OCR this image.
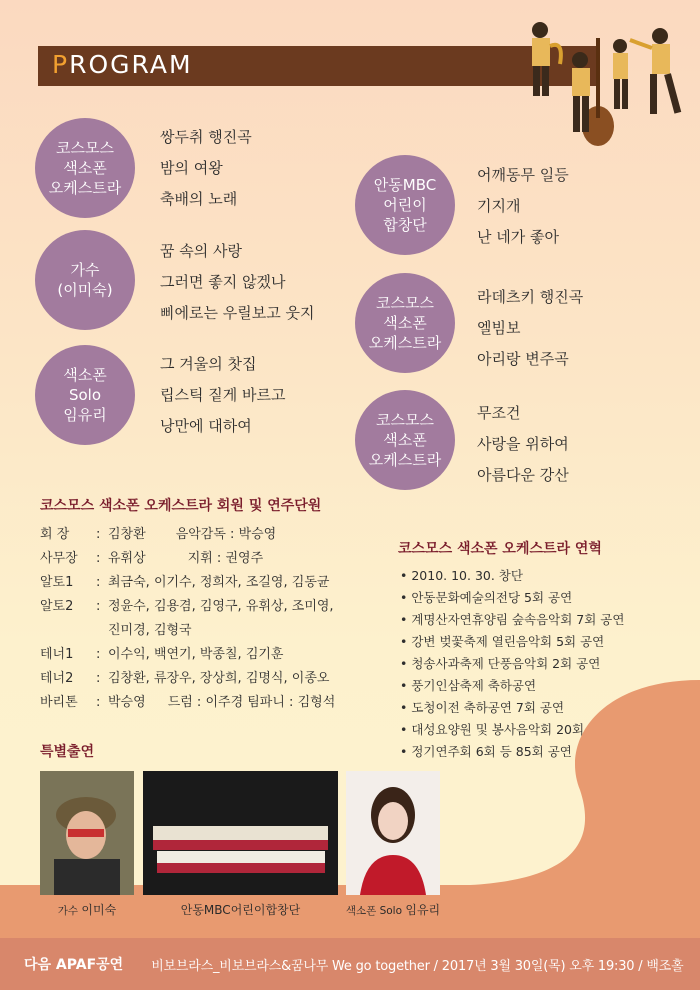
PROGRAM
코스모스
색소폰
오케스트라
쌍두취 행진곡
밤의 여왕
축배의 노래
가수
(이미숙)
꿈 속의 사랑
그러면 좋지 않겠나
삐에로는 우릴보고 웃지
색소폰
Solo
임유리
그 겨울의 찻집
립스틱 짙게 바르고
낭만에 대하여
안동MBC
어린이
합창단
어깨동무 일등
기지개
난 네가 좋아
코스모스
색소폰
오케스트라
라데츠키 행진곡
엘빔보
아리랑 변주곡
코스모스
색소폰
오케스트라
무조건
사랑을 위하여
아름다운 강산
코스모스 색소폰 오케스트라 회원 및 연주단원
회 장 : 김창환 음악감독 : 박승영
사무장 : 유휘상	지휘 : 권영주
알토1 : 최금숙, 이기수, 정희자, 조길영, 김동균
알토2 : 정윤수, 김용겸, 김영구, 유휘상, 조미영,
진미경, 김형국
테너1 : 이수익, 백연기, 박종칠, 김기훈
테너2 : 김창환, 류장우, 장상희, 김명식, 이종오
바리톤 : 박승영 드럼 : 이주경 팀파니 : 김형석
코스모스 색소폰 오케스트라 연혁
• 2010. 10. 30. 창단
• 안동문화예술의전당 5회 공연
• 계명산자연휴양림 숲속음악회 7회 공연
• 강변 벚꽃축제 열린음악회 5회 공연
• 청송사과축제 단풍음악회 2회 공연
• 풍기인삼축제 축하공연
• 도청이전 축하공연 7회 공연
• 대성요양원 및 봉사음악회 20회
• 정기연주회 6회 등 85회 공연
특별출연
가수 이미숙	안동MBC어린이합창단	색소폰 Solo 임유리
다음 APAF공연 비보브라스_비보브라스&꿈나무 We go together / 2017년 3월 30일(목) 오후 19:30 / 백조홀
